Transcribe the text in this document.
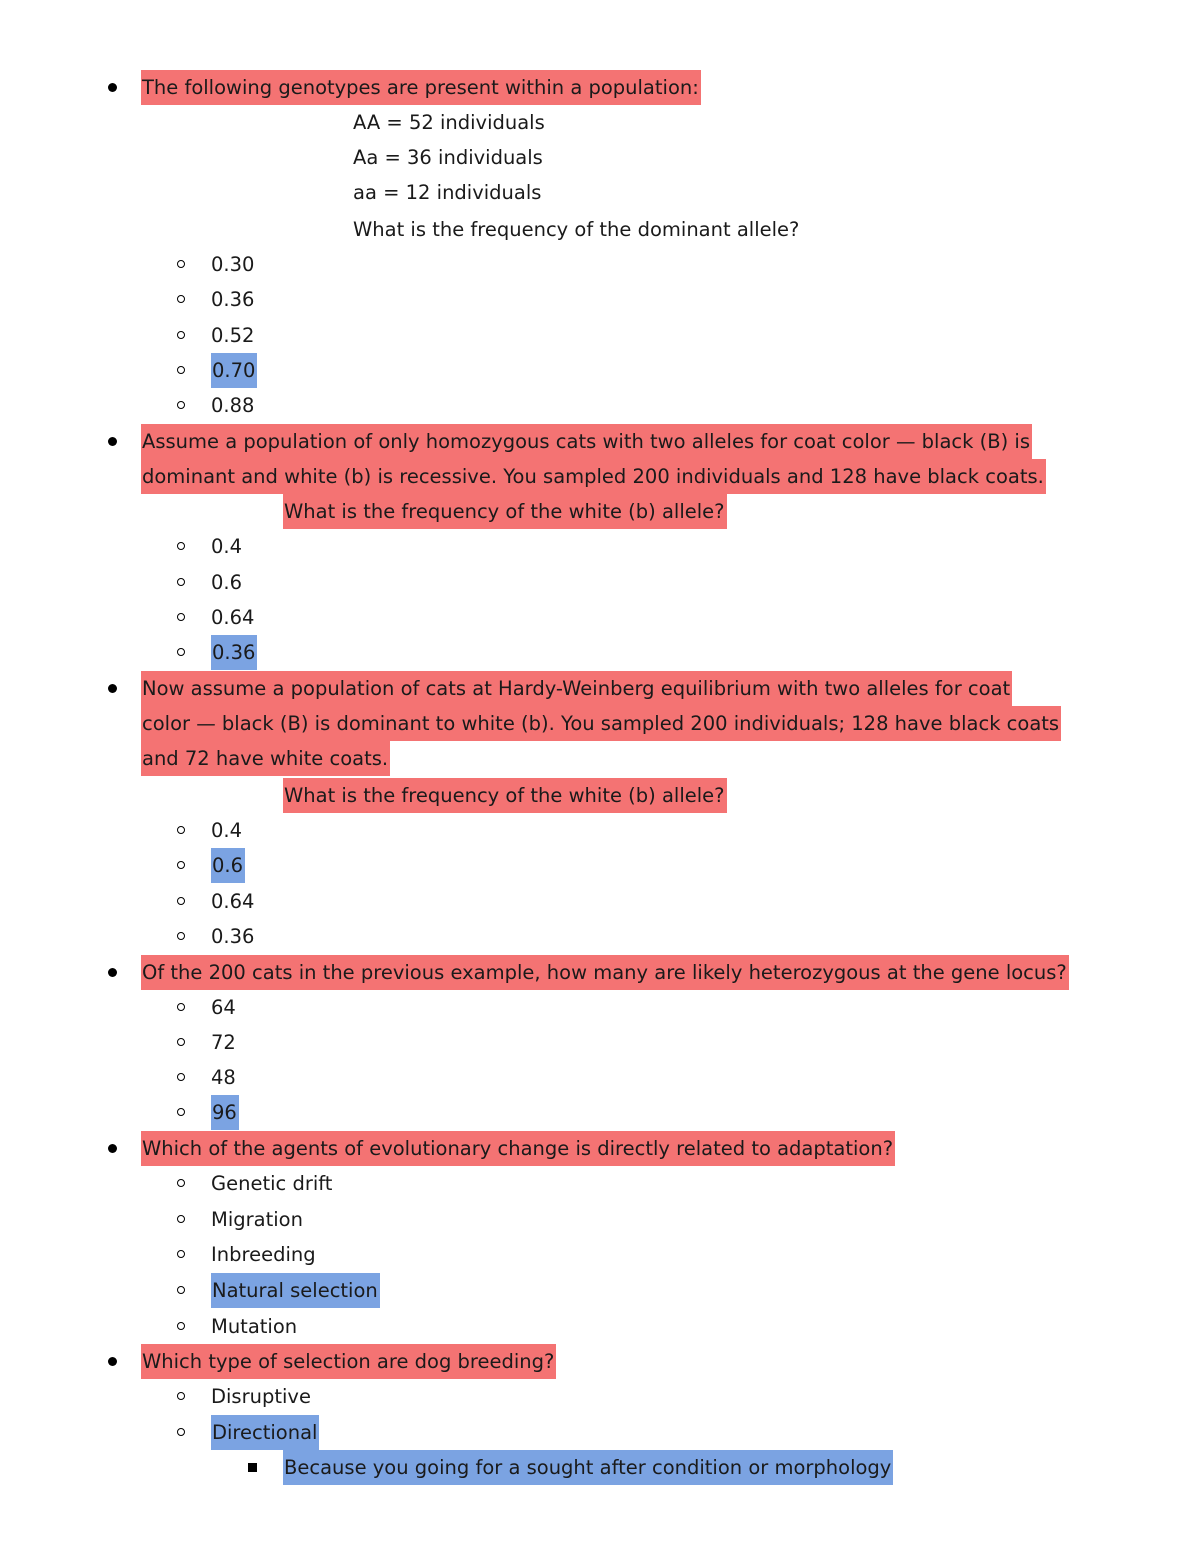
The following genotypes are present within a population:
AA = 52 individuals
Aa = 36 individuals
aa = 12 individuals
What is the frequency of the dominant allele?
0.30
0.36
0.52
0.70
0.88
Assume a population of only homozygous cats with two alleles for coat color — black (B) is
dominant and white (b) is recessive. You sampled 200 individuals and 128 have black coats.
What is the frequency of the white (b) allele?
0.4
0.6
0.64
0.36
Now assume a population of cats at Hardy-Weinberg equilibrium with two alleles for coat
color — black (B) is dominant to white (b). You sampled 200 individuals; 128 have black coats
and 72 have white coats.
What is the frequency of the white (b) allele?
0.4
0.6
0.64
0.36
Of the 200 cats in the previous example, how many are likely heterozygous at the gene locus?
64
72
48
96
Which of the agents of evolutionary change is directly related to adaptation?
Genetic drift
Migration
Inbreeding
Natural selection
Mutation
Which type of selection are dog breeding?
Disruptive
Directional
Because you going for a sought after condition or morphology
